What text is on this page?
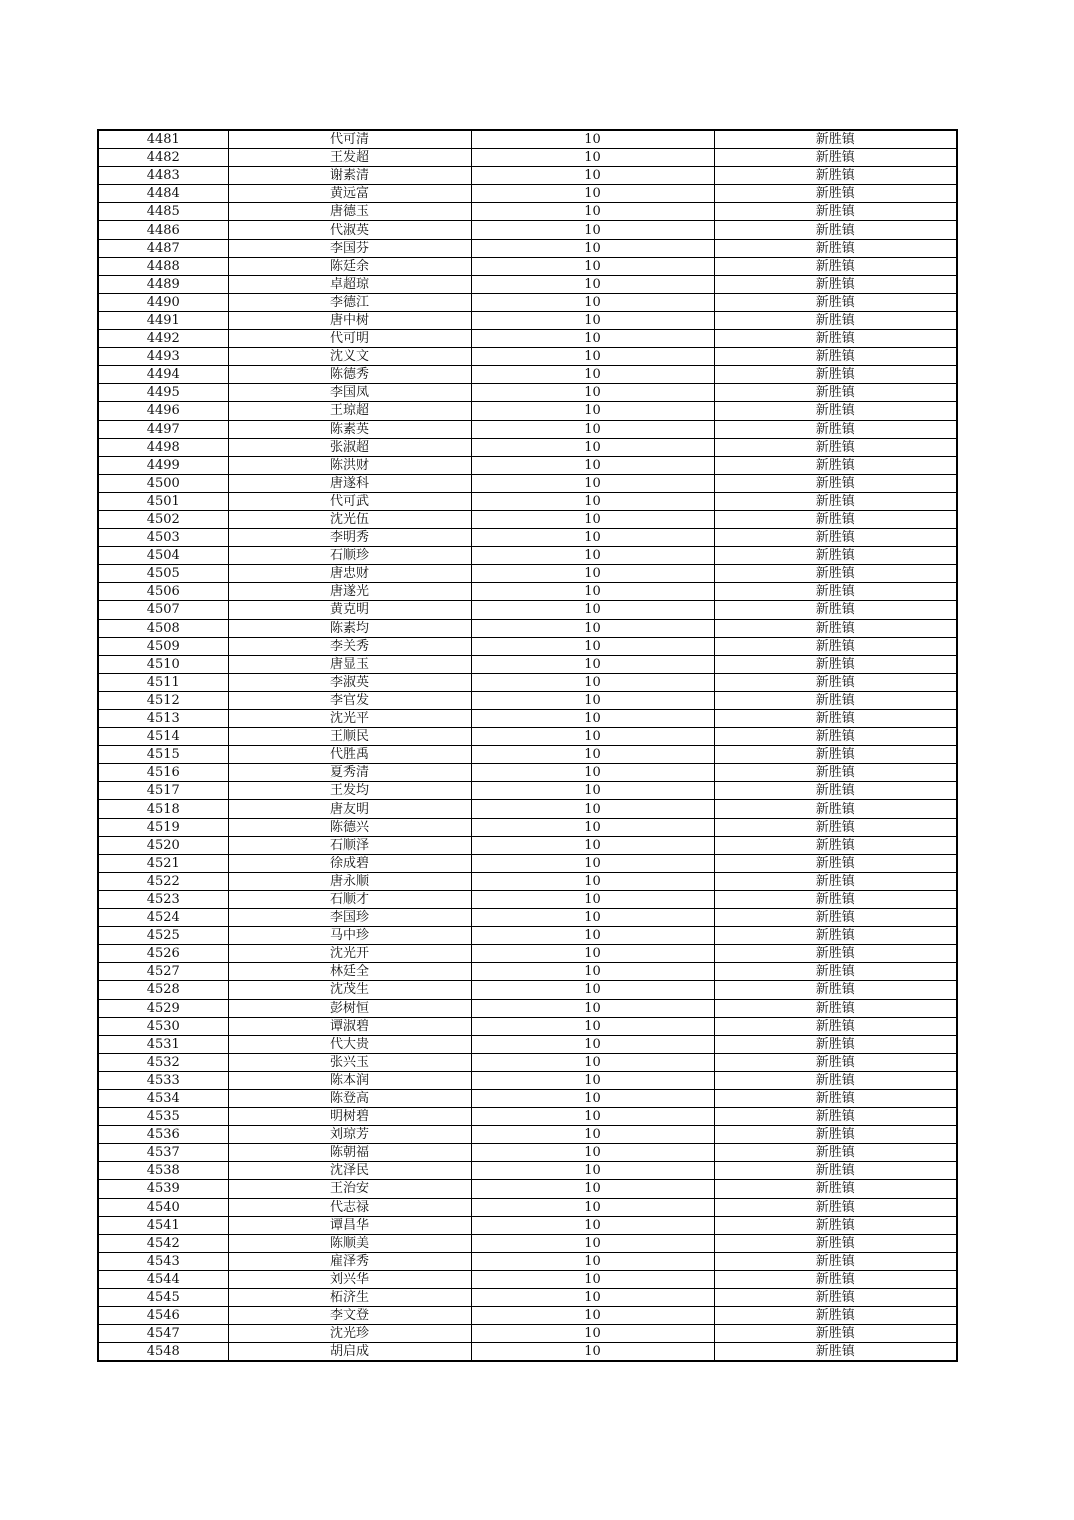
4481	代可清	10	新胜镇
4482	王发超	10	新胜镇
4483	谢素清	10	新胜镇
4484	黄远富	10	新胜镇
4485	唐德玉	10	新胜镇
4486	代淑英	10	新胜镇
4487	李国芬	10	新胜镇
4488	陈廷余	10	新胜镇
4489	卓超琼	10	新胜镇
4490	李德江	10	新胜镇
4491	唐中树	10	新胜镇
4492	代可明	10	新胜镇
4493	沈义文	10	新胜镇
4494	陈德秀	10	新胜镇
4495	李国凤	10	新胜镇
4496	王琼超	10	新胜镇
4497	陈素英	10	新胜镇
4498	张淑超	10	新胜镇
4499	陈洪财	10	新胜镇
4500	唐遂科	10	新胜镇
4501	代可武	10	新胜镇
4502	沈光伍	10	新胜镇
4503	李明秀	10	新胜镇
4504	石顺珍	10	新胜镇
4505	唐忠财	10	新胜镇
4506	唐遂光	10	新胜镇
4507	黄克明	10	新胜镇
4508	陈素均	10	新胜镇
4509	李关秀	10	新胜镇
4510	唐显玉	10	新胜镇
4511	李淑英	10	新胜镇
4512	李官发	10	新胜镇
4513	沈光平	10	新胜镇
4514	王顺民	10	新胜镇
4515	代胜禹	10	新胜镇
4516	夏秀清	10	新胜镇
4517	王发均	10	新胜镇
4518	唐友明	10	新胜镇
4519	陈德兴	10	新胜镇
4520	石顺泽	10	新胜镇
4521	徐成碧	10	新胜镇
4522	唐永顺	10	新胜镇
4523	石顺才	10	新胜镇
4524	李国珍	10	新胜镇
4525	马中珍	10	新胜镇
4526	沈光开	10	新胜镇
4527	林廷全	10	新胜镇
4528	沈茂生	10	新胜镇
4529	彭树恒	10	新胜镇
4530	谭淑碧	10	新胜镇
4531	代大贵	10	新胜镇
4532	张兴玉	10	新胜镇
4533	陈本润	10	新胜镇
4534	陈登高	10	新胜镇
4535	明树碧	10	新胜镇
4536	刘琼芳	10	新胜镇
4537	陈朝福	10	新胜镇
4538	沈泽民	10	新胜镇
4539	王治安	10	新胜镇
4540	代志禄	10	新胜镇
4541	谭昌华	10	新胜镇
4542	陈顺美	10	新胜镇
4543	雇泽秀	10	新胜镇
4544	刘兴华	10	新胜镇
4545	柘济生	10	新胜镇
4546	李文登	10	新胜镇
4547	沈光珍	10	新胜镇
4548	胡启成	10	新胜镇
